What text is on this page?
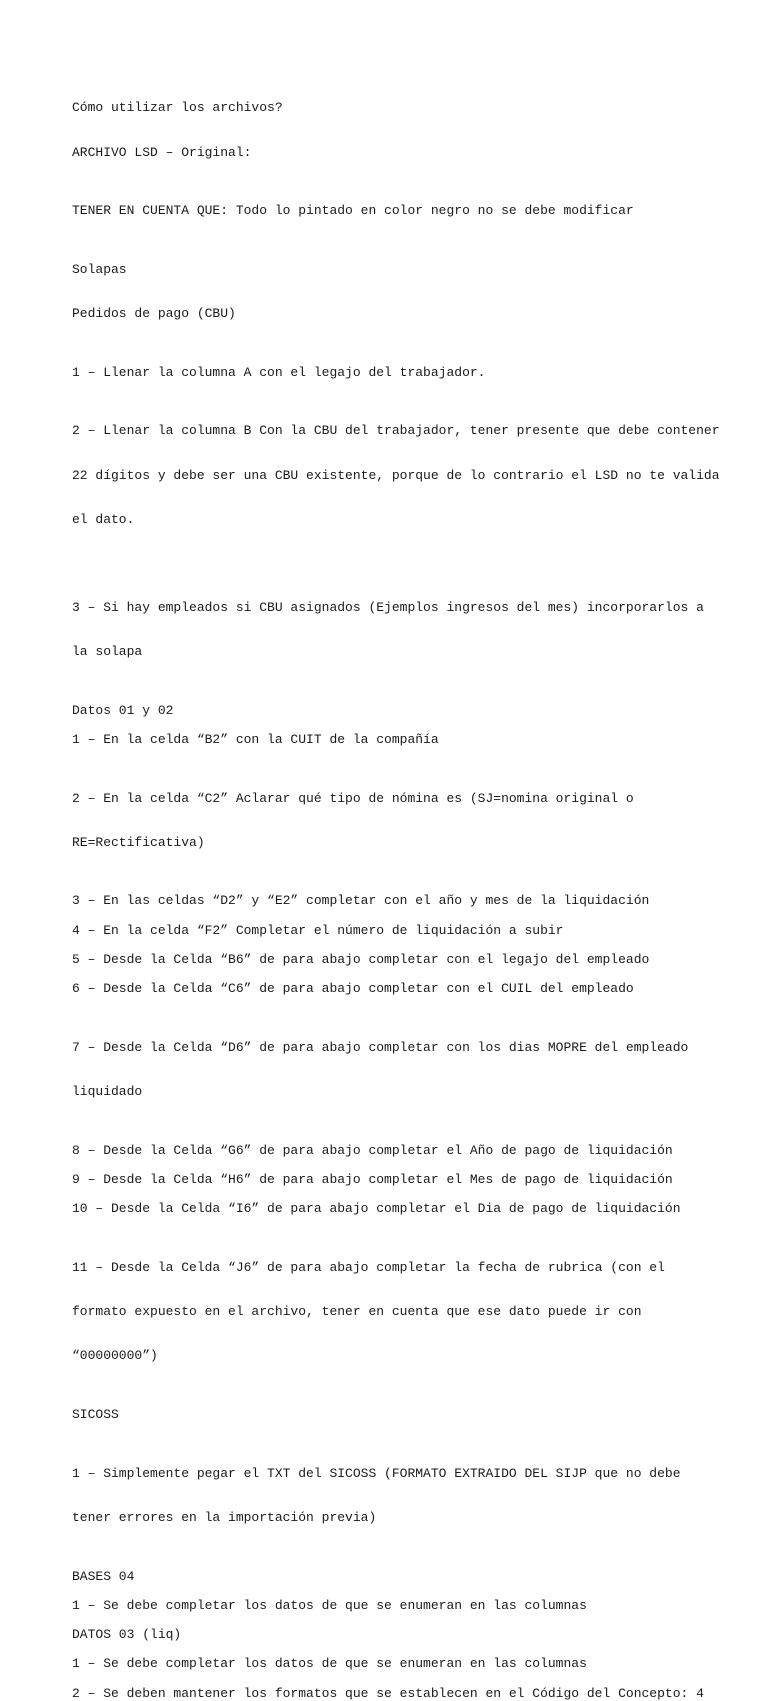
Cómo utilizar los archivos?

ARCHIVO LSD – Original:

TENER EN CUENTA QUE: Todo lo pintado en color negro no se debe modificar

Solapas

Pedidos de pago (CBU)

1 – Llenar la columna A con el legajo del trabajador.

2 – Llenar la columna B Con la CBU del trabajador, tener presente que debe contener

22 dígitos y debe ser una CBU existente, porque de lo contrario el LSD no te valida

el dato.

3 – Si hay empleados si CBU asignados (Ejemplos ingresos del mes) incorporarlos a

la solapa

Datos 01 y 02
1 – En la celda “B2” con la CUIT de la compañía

2 – En la celda “C2” Aclarar qué tipo de nómina es (SJ=nomina original o

RE=Rectificativa)

3 – En las celdas “D2” y “E2” completar con el año y mes de la liquidación
4 – En la celda “F2” Completar el número de liquidación a subir
5 – Desde la Celda “B6” de para abajo completar con el legajo del empleado
6 – Desde la Celda “C6” de para abajo completar con el CUIL del empleado

7 – Desde la Celda “D6” de para abajo completar con los dias MOPRE del empleado

liquidado

8 – Desde la Celda “G6” de para abajo completar el Año de pago de liquidación
9 – Desde la Celda “H6” de para abajo completar el Mes de pago de liquidación
10 – Desde la Celda “I6” de para abajo completar el Dia de pago de liquidación

11 – Desde la Celda “J6” de para abajo completar la fecha de rubrica (con el

formato expuesto en el archivo, tener en cuenta que ese dato puede ir con

“00000000”)

SICOSS

1 – Simplemente pegar el TXT del SICOSS (FORMATO EXTRAIDO DEL SIJP que no debe

tener errores en la importación previa)

BASES 04
1 – Se debe completar los datos de que se enumeran en las columnas
DATOS 03 (liq)
1 – Se debe completar los datos de que se enumeran en las columnas
2 – Se deben mantener los formatos que se establecen en el Código del Concepto: 4
